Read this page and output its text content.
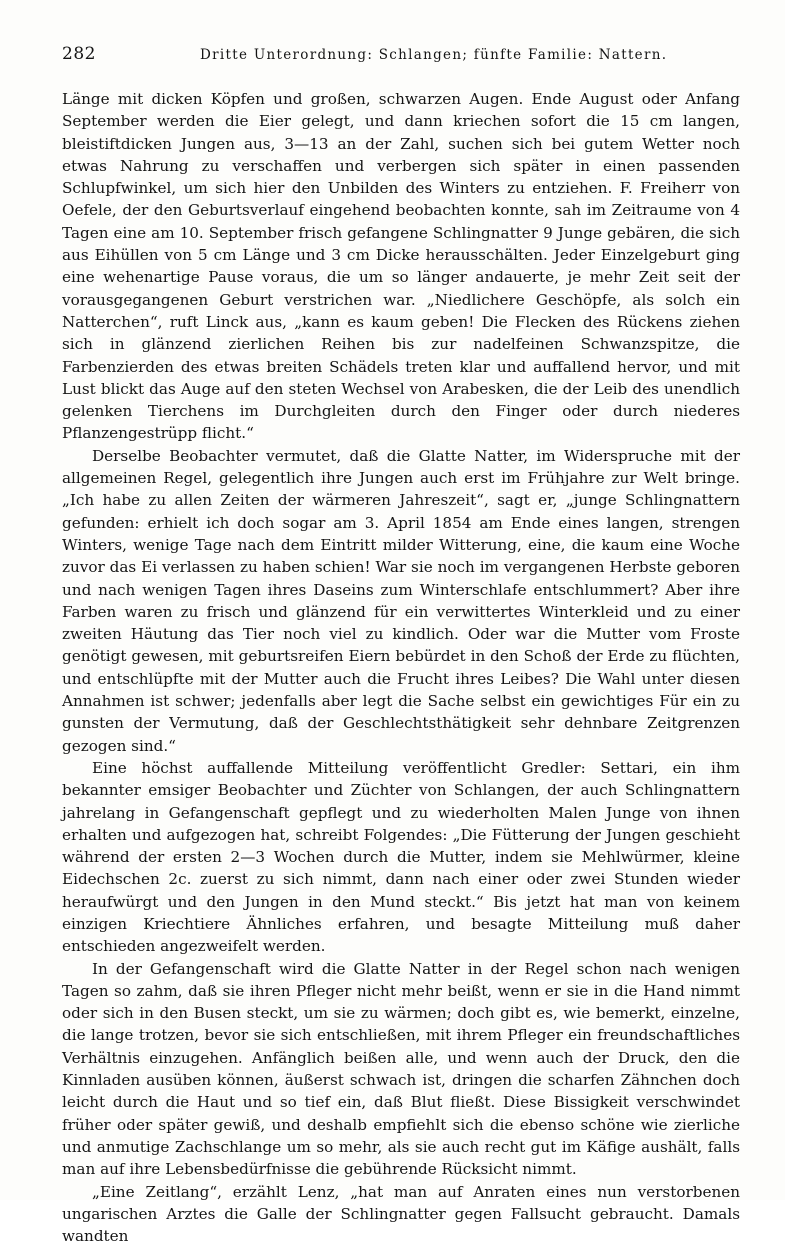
282	Dritte Unterordnung: Schlangen; fünfte Familie: Nattern.

Länge mit dicken Köpfen und großen, schwarzen Augen. Ende August oder Anfang September werden die Eier gelegt, und dann kriechen sofort die 15 cm langen, bleistiftdicken Jungen aus, 3—13 an der Zahl, suchen sich bei gutem Wetter noch etwas Nahrung zu verschaffen und verbergen sich später in einen passenden Schlupfwinkel, um sich hier den Unbilden des Winters zu entziehen. F. Freiherr von Oefele, der den Geburtsverlauf eingehend beobachten konnte, sah im Zeitraume von 4 Tagen eine am 10. September frisch gefangene Schlingnatter 9 Junge gebären, die sich aus Eihüllen von 5 cm Länge und 3 cm Dicke herausschälten. Jeder Einzelgeburt ging eine wehenartige Pause voraus, die um so länger andauerte, je mehr Zeit seit der vorausgegangenen Geburt verstrichen war. „Niedlichere Geschöpfe, als solch ein Natterchen“, ruft Linck aus, „kann es kaum geben! Die Flecken des Rückens ziehen sich in glänzend zierlichen Reihen bis zur nadelfeinen Schwanzspitze, die Farbenzierden des etwas breiten Schädels treten klar und auffallend hervor, und mit Lust blickt das Auge auf den steten Wechsel von Arabesken, die der Leib des unendlich gelenken Tierchens im Durchgleiten durch den Finger oder durch niederes Pflanzengestrüpp flicht.“

Derselbe Beobachter vermutet, daß die Glatte Natter, im Widerspruche mit der allgemeinen Regel, gelegentlich ihre Jungen auch erst im Frühjahre zur Welt bringe. „Ich habe zu allen Zeiten der wärmeren Jahreszeit“, sagt er, „junge Schlingnattern gefunden: erhielt ich doch sogar am 3. April 1854 am Ende eines langen, strengen Winters, wenige Tage nach dem Eintritt milder Witterung, eine, die kaum eine Woche zuvor das Ei verlassen zu haben schien! War sie noch im vergangenen Herbste geboren und nach wenigen Tagen ihres Daseins zum Winterschlafe entschlummert? Aber ihre Farben waren zu frisch und glänzend für ein verwittertes Winterkleid und zu einer zweiten Häutung das Tier noch viel zu kindlich. Oder war die Mutter vom Froste genötigt gewesen, mit geburtsreifen Eiern bebürdet in den Schoß der Erde zu flüchten, und entschlüpfte mit der Mutter auch die Frucht ihres Leibes? Die Wahl unter diesen Annahmen ist schwer; jedenfalls aber legt die Sache selbst ein gewichtiges Für ein zu gunsten der Vermutung, daß der Geschlechtsthätigkeit sehr dehnbare Zeitgrenzen gezogen sind.“

Eine höchst auffallende Mitteilung veröffentlicht Gredler: Settari, ein ihm bekannter emsiger Beobachter und Züchter von Schlangen, der auch Schlingnattern jahrelang in Gefangenschaft gepflegt und zu wiederholten Malen Junge von ihnen erhalten und aufgezogen hat, schreibt Folgendes: „Die Fütterung der Jungen geschieht während der ersten 2—3 Wochen durch die Mutter, indem sie Mehlwürmer, kleine Eidechschen 2c. zuerst zu sich nimmt, dann nach einer oder zwei Stunden wieder heraufwürgt und den Jungen in den Mund steckt.“ Bis jetzt hat man von keinem einzigen Kriechtiere Ähnliches erfahren, und besagte Mitteilung muß daher entschieden angezweifelt werden.

In der Gefangenschaft wird die Glatte Natter in der Regel schon nach wenigen Tagen so zahm, daß sie ihren Pfleger nicht mehr beißt, wenn er sie in die Hand nimmt oder sich in den Busen steckt, um sie zu wärmen; doch gibt es, wie bemerkt, einzelne, die lange trotzen, bevor sie sich entschließen, mit ihrem Pfleger ein freundschaftliches Verhältnis einzugehen. Anfänglich beißen alle, und wenn auch der Druck, den die Kinnladen ausüben können, äußerst schwach ist, dringen die scharfen Zähnchen doch leicht durch die Haut und so tief ein, daß Blut fließt. Diese Bissigkeit verschwindet früher oder später gewiß, und deshalb empfiehlt sich die ebenso schöne wie zierliche und anmutige Zachschlange um so mehr, als sie auch recht gut im Käfige aushält, falls man auf ihre Lebensbedürfnisse die gebührende Rücksicht nimmt.

„Eine Zeitlang“, erzählt Lenz, „hat man auf Anraten eines nun verstorbenen ungarischen Arztes die Galle der Schlingnatter gegen Fallsucht gebraucht. Damals wandten
